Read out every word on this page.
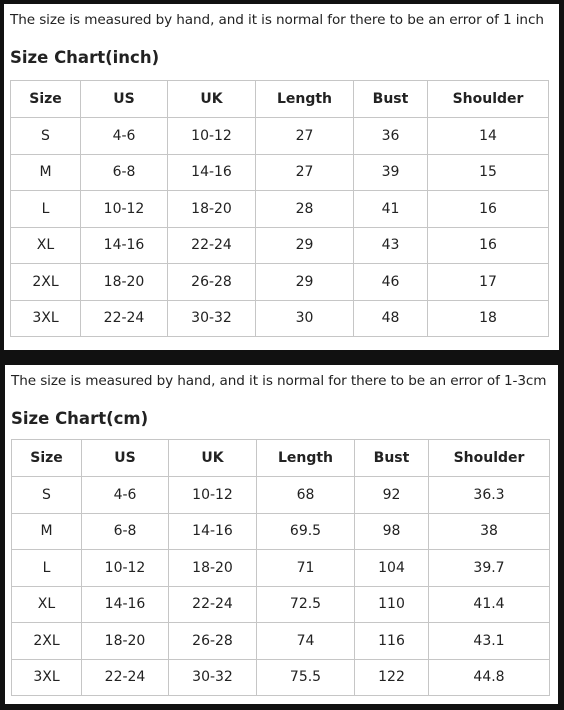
The size is measured by hand, and it is normal for there to be an error of 1 inch
Size Chart(inch)
Size	US	UK	Length	Bust	Shoulder
S	4-6	10-12	27	36	14
M	6-8	14-16	27	39	15
L	10-12	18-20	28	41	16
XL	14-16	22-24	29	43	16
2XL	18-20	26-28	29	46	17
3XL	22-24	30-32	30	48	18
The size is measured by hand, and it is normal for there to be an error of 1-3cm
Size Chart(cm)
Size	US	UK	Length	Bust	Shoulder
S	4-6	10-12	68	92	36.3
M	6-8	14-16	69.5	98	38
L	10-12	18-20	71	104	39.7
XL	14-16	22-24	72.5	110	41.4
2XL	18-20	26-28	74	116	43.1
3XL	22-24	30-32	75.5	122	44.8
